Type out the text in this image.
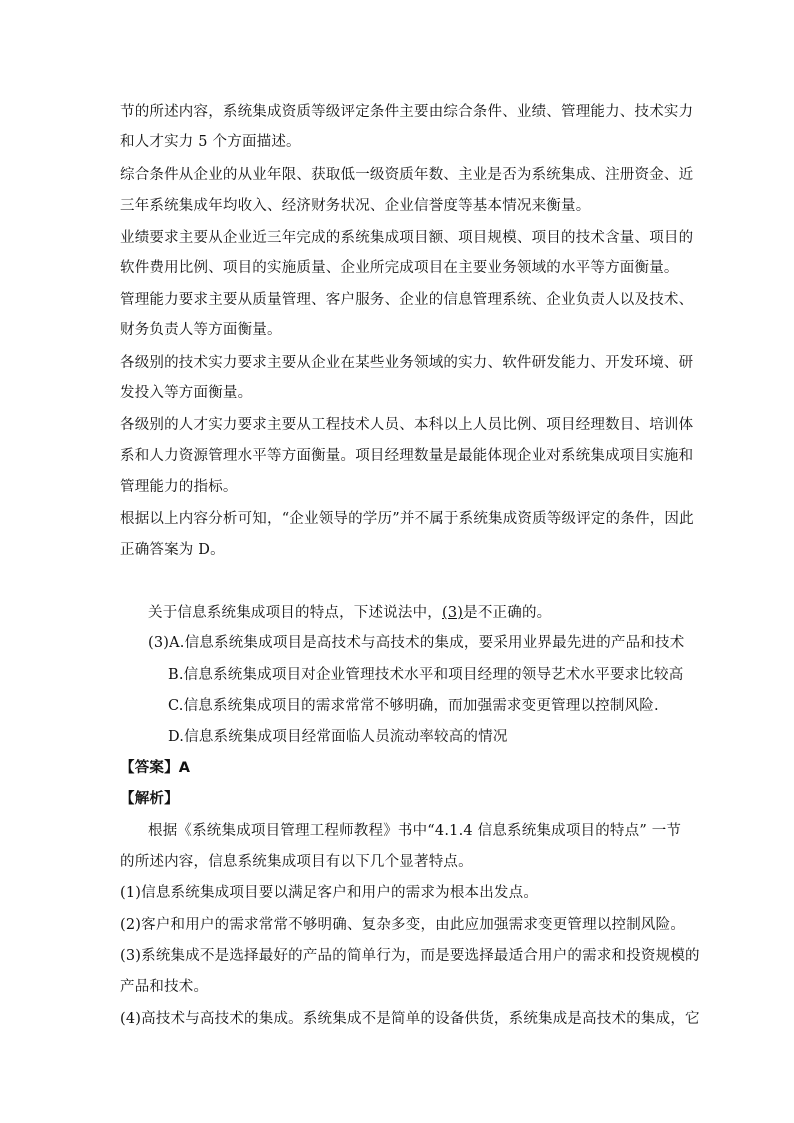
节的所述内容，系统集成资质等级评定条件主要由综合条件、业绩、管理能力、技术实力
和人才实力 5 个方面描述。
综合条件从企业的从业年限、获取低一级资质年数、主业是否为系统集成、注册资金、近
三年系统集成年均收入、经济财务状况、企业信誉度等基本情况来衡量。
业绩要求主要从企业近三年完成的系统集成项目额、项目规模、项目的技术含量、项目的
软件费用比例、项目的实施质量、企业所完成项目在主要业务领域的水平等方面衡量。
管理能力要求主要从质量管理、客户服务、企业的信息管理系统、企业负责人以及技术、
财务负责人等方面衡量。
各级别的技术实力要求主要从企业在某些业务领域的实力、软件研发能力、开发环境、研
发投入等方面衡量。
各级别的人才实力要求主要从工程技术人员、本科以上人员比例、项目经理数目、培训体
系和人力资源管理水平等方面衡量。项目经理数量是最能体现企业对系统集成项目实施和
管理能力的指标。
根据以上内容分析可知，“企业领导的学历”并不属于系统集成资质等级评定的条件，因此
正确答案为 D。
关于信息系统集成项目的特点，下述说法中，(3)是不正确的。
(3)A.信息系统集成项目是高技术与高技术的集成，要采用业界最先进的产品和技术
B.信息系统集成项目对企业管理技术水平和项目经理的领导艺术水平要求比较高
C.信息系统集成项目的需求常常不够明确，而加强需求变更管理以控制风险.
D.信息系统集成项目经常面临人员流动率较高的情况
【答案】A
【解析】
根据《系统集成项目管理工程师教程》书中“4.1.4 信息系统集成项目的特点” 一节
的所述内容，信息系统集成项目有以下几个显著特点。
(1)信息系统集成项目要以满足客户和用户的需求为根本出发点。
(2)客户和用户的需求常常不够明确、复杂多变，由此应加强需求变更管理以控制风险。
(3)系统集成不是选择最好的产品的简单行为，而是要选择最适合用户的需求和投资规模的
产品和技术。
(4)高技术与高技术的集成。系统集成不是简单的设备供货，系统集成是高技术的集成，它
